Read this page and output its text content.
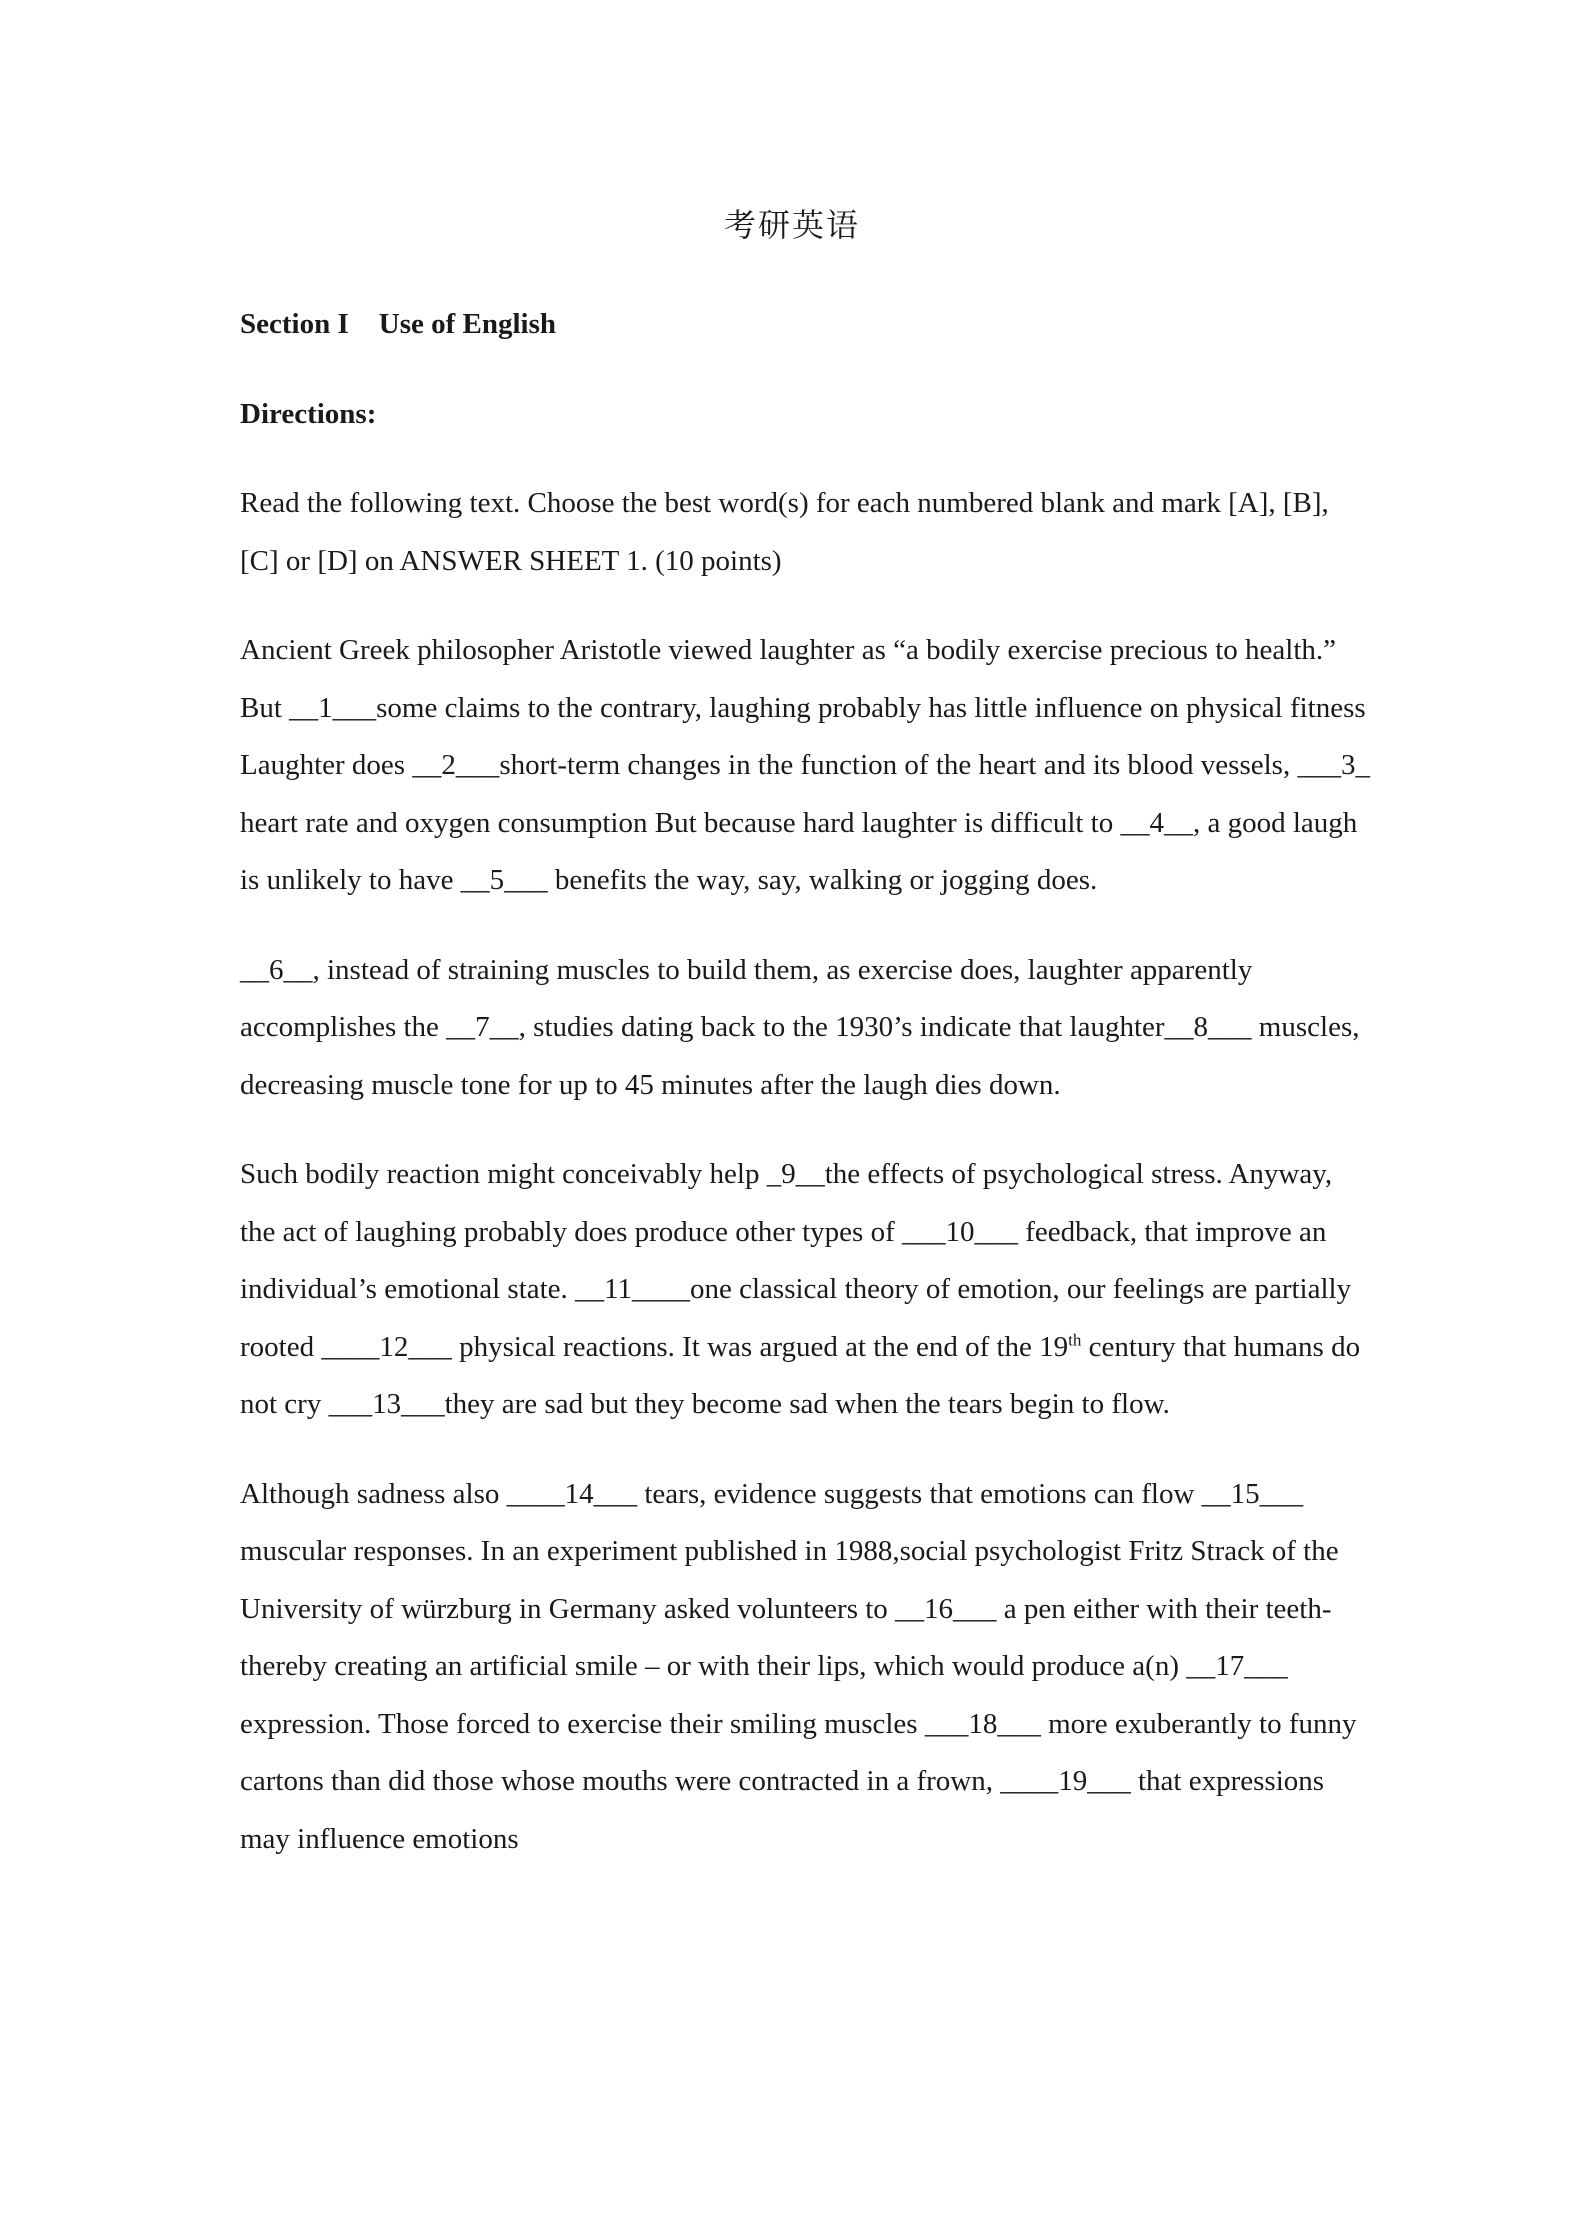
考研英语
Section I Use of English
Directions:

Read the following text. Choose the best word(s) for each numbered blank and mark [A], [B], [C] or [D] on ANSWER SHEET 1. (10 points)

Ancient Greek philosopher Aristotle viewed laughter as “a bodily exercise precious to health.” But __1___some claims to the contrary, laughing probably has little influence on physical fitness Laughter does __2___short-term changes in the function of the heart and its blood vessels, ___3_ heart rate and oxygen consumption But because hard laughter is difficult to __4__, a good laugh is unlikely to have __5___ benefits the way, say, walking or jogging does.

__6__, instead of straining muscles to build them, as exercise does, laughter apparently accomplishes the __7__, studies dating back to the 1930’s indicate that laughter__8___ muscles, decreasing muscle tone for up to 45 minutes after the laugh dies down.

Such bodily reaction might conceivably help _9__the effects of psychological stress. Anyway, the act of laughing probably does produce other types of ___10___ feedback, that improve an individual’s emotional state. __11____one classical theory of emotion, our feelings are partially rooted ____12___ physical reactions. It was argued at the end of the 19th century that humans do not cry ___13___they are sad but they become sad when the tears begin to flow.

Although sadness also ____14___ tears, evidence suggests that emotions can flow __15___ muscular responses. In an experiment published in 1988,social psychologist Fritz Strack of the University of würzburg in Germany asked volunteers to __16___ a pen either with their teeth-thereby creating an artificial smile – or with their lips, which would produce a(n) __17___ expression. Those forced to exercise their smiling muscles ___18___ more exuberantly to funny cartons than did those whose mouths were contracted in a frown, ____19___ that expressions may influence emotions
